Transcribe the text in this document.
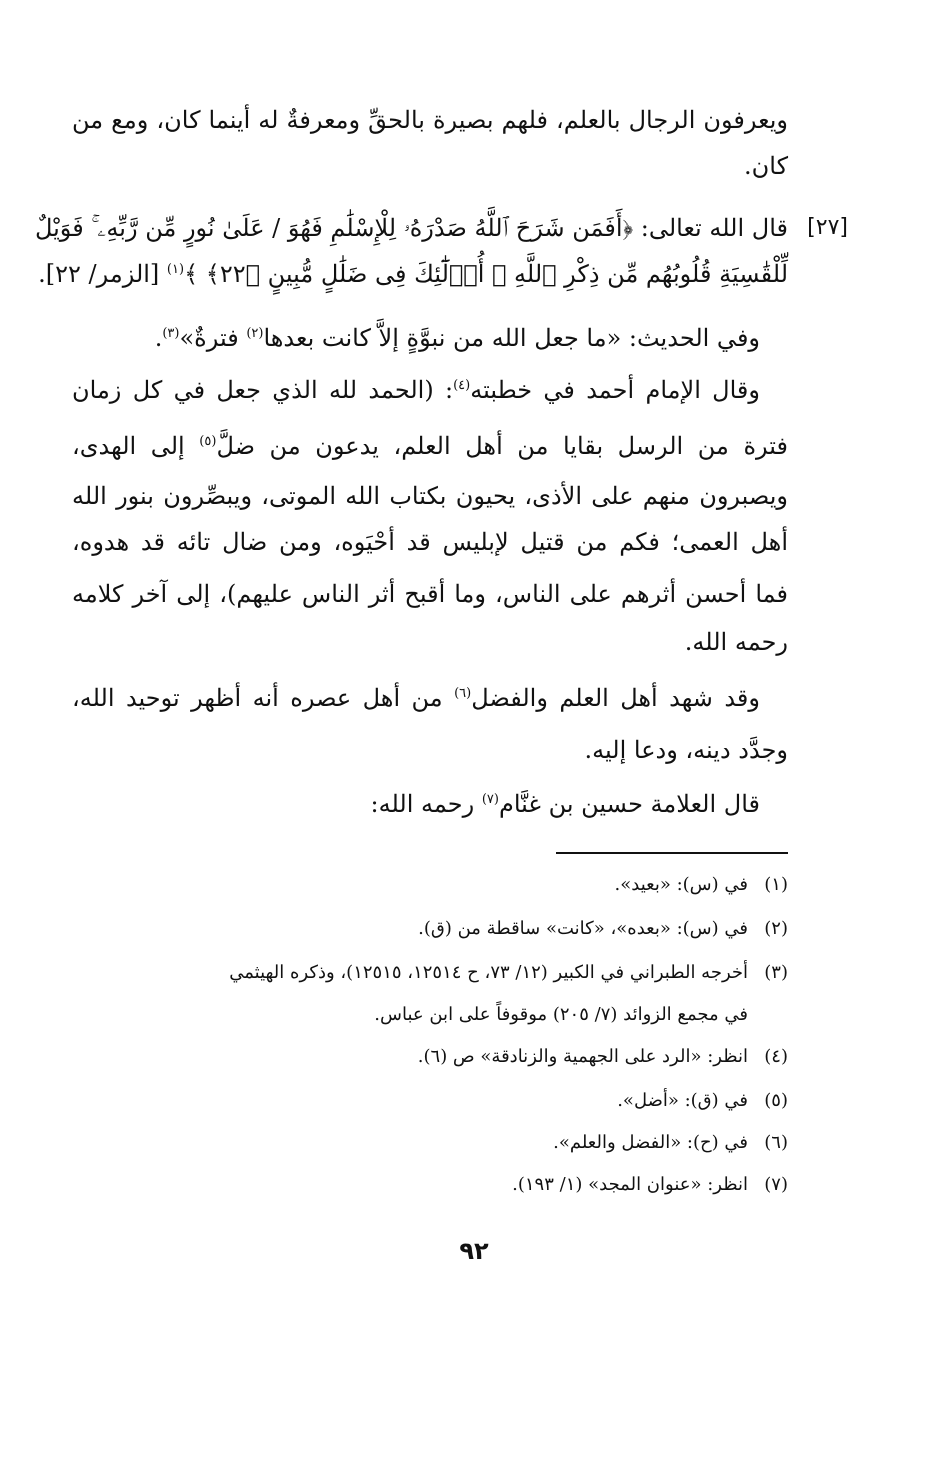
ويعرفون الرجال بالعلم، فلهم بصيرة بالحقِّ ومعرفةٌ له أينما كان، ومع من
كان.
[٢٧]
قال الله تعالى: ﴿أَفَمَن شَرَحَ ٱللَّهُ صَدْرَهُۥ لِلْإِسْلَٰمِ فَهُوَ / عَلَىٰ نُورٍ مِّن رَّبِّهِۦ ۚ فَوَيْلٌ
لِّلْقَٰسِيَةِ قُلُوبُهُم مِّن ذِكْرِ ٱللَّهِ ۚ أُو۟لَٰٓئِكَ فِى ضَلَٰلٍ مُّبِينٍ ﴿٢٢﴾ ﴾$^{(١)}$ [الزمر/ ٢٢].
وفي الحديث: «ما جعل الله من نبوَّةٍ إلاَّ كانت بعدها$^{(٢)}$ فترةٌ»$^{(٣)}$.
وقال الإمام أحمد في خطبته$^{(٤)}$: (الحمد لله الذي جعل في كل زمان
فترة من الرسل بقايا من أهل العلم، يدعون من ضلَّ$^{(٥)}$ إلى الهدى،
ويصبرون منهم على الأذى، يحيون بكتاب الله الموتى، ويبصِّرون بنور الله
أهل العمى؛ فكم من قتيل لإبليس قد أحْيَوه، ومن ضال تائه قد هدوه،
فما أحسن أثرهم على الناس، وما أقبح أثر الناس عليهم)، إلى آخر كلامه
رحمه الله.
وقد شهد أهل العلم والفضل$^{(٦)}$ من أهل عصره أنه أظهر توحيد الله،
وجدَّد دينه، ودعا إليه.
قال العلامة حسين بن غنَّام$^{(٧)}$ رحمه الله:
(١)في (س): «بعيد».
(٢)في (س): «بعده»، «كانت» ساقطة من (ق).
(٣)أخرجه الطبراني في الكبير (١٢/ ٧٣، ح ١٢٥١٤، ١٢٥١٥)، وذكره الهيثمي
في مجمع الزوائد (٧/ ٢٠٥) موقوفاً على ابن عباس.
(٤)انظر: «الرد على الجهمية والزنادقة» ص (٦).
(٥)في (ق): «أضل».
(٦)في (ح): «الفضل والعلم».
(٧)انظر: «عنوان المجد» (١/ ١٩٣).
٩٢
